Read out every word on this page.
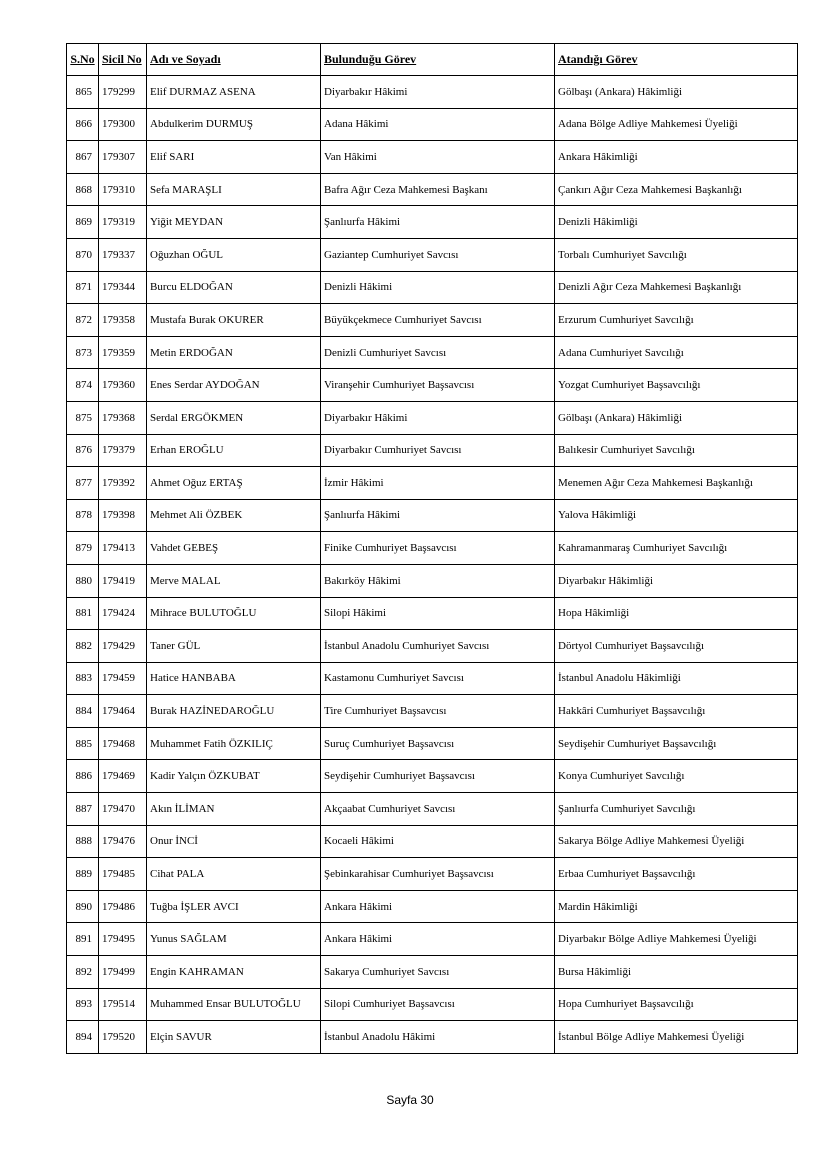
S.No	Sicil No	Adı ve Soyadı	Bulunduğu Görev	Atandığı Görev
865	179299	Elif DURMAZ ASENA	Diyarbakır Hâkimi	Gölbaşı (Ankara) Hâkimliği
866	179300	Abdulkerim DURMUŞ	Adana Hâkimi	Adana Bölge Adliye Mahkemesi Üyeliği
867	179307	Elif SARI	Van Hâkimi	Ankara Hâkimliği
868	179310	Sefa MARAŞLI	Bafra Ağır Ceza Mahkemesi Başkanı	Çankırı Ağır Ceza Mahkemesi Başkanlığı
869	179319	Yiğit MEYDAN	Şanlıurfa Hâkimi	Denizli Hâkimliği
870	179337	Oğuzhan OĞUL	Gaziantep Cumhuriyet Savcısı	Torbalı Cumhuriyet Savcılığı
871	179344	Burcu ELDOĞAN	Denizli Hâkimi	Denizli Ağır Ceza Mahkemesi Başkanlığı
872	179358	Mustafa Burak OKURER	Büyükçekmece Cumhuriyet Savcısı	Erzurum Cumhuriyet Savcılığı
873	179359	Metin ERDOĞAN	Denizli Cumhuriyet Savcısı	Adana Cumhuriyet Savcılığı
874	179360	Enes Serdar AYDOĞAN	Viranşehir Cumhuriyet Başsavcısı	Yozgat Cumhuriyet Başsavcılığı
875	179368	Serdal ERGÖKMEN	Diyarbakır Hâkimi	Gölbaşı (Ankara) Hâkimliği
876	179379	Erhan EROĞLU	Diyarbakır Cumhuriyet Savcısı	Balıkesir Cumhuriyet Savcılığı
877	179392	Ahmet Oğuz ERTAŞ	İzmir Hâkimi	Menemen Ağır Ceza Mahkemesi Başkanlığı
878	179398	Mehmet Ali ÖZBEK	Şanlıurfa Hâkimi	Yalova Hâkimliği
879	179413	Vahdet GEBEŞ	Finike Cumhuriyet Başsavcısı	Kahramanmaraş Cumhuriyet Savcılığı
880	179419	Merve MALAL	Bakırköy Hâkimi	Diyarbakır Hâkimliği
881	179424	Mihrace BULUTOĞLU	Silopi Hâkimi	Hopa Hâkimliği
882	179429	Taner GÜL	İstanbul Anadolu Cumhuriyet Savcısı	Dörtyol Cumhuriyet Başsavcılığı
883	179459	Hatice HANBABA	Kastamonu Cumhuriyet Savcısı	İstanbul Anadolu Hâkimliği
884	179464	Burak HAZİNEDAROĞLU	Tire Cumhuriyet Başsavcısı	Hakkâri Cumhuriyet Başsavcılığı
885	179468	Muhammet Fatih ÖZKILIÇ	Suruç Cumhuriyet Başsavcısı	Seydişehir Cumhuriyet Başsavcılığı
886	179469	Kadir Yalçın ÖZKUBAT	Seydişehir Cumhuriyet Başsavcısı	Konya Cumhuriyet Savcılığı
887	179470	Akın İLİMAN	Akçaabat Cumhuriyet Savcısı	Şanlıurfa Cumhuriyet Savcılığı
888	179476	Onur İNCİ	Kocaeli Hâkimi	Sakarya Bölge Adliye Mahkemesi Üyeliği
889	179485	Cihat PALA	Şebinkarahisar Cumhuriyet Başsavcısı	Erbaa Cumhuriyet Başsavcılığı
890	179486	Tuğba İŞLER AVCI	Ankara Hâkimi	Mardin Hâkimliği
891	179495	Yunus SAĞLAM	Ankara Hâkimi	Diyarbakır Bölge Adliye Mahkemesi Üyeliği
892	179499	Engin KAHRAMAN	Sakarya Cumhuriyet Savcısı	Bursa Hâkimliği
893	179514	Muhammed Ensar BULUTOĞLU	Silopi Cumhuriyet Başsavcısı	Hopa Cumhuriyet Başsavcılığı
894	179520	Elçin SAVUR	İstanbul Anadolu Hâkimi	İstanbul Bölge Adliye Mahkemesi Üyeliği
Sayfa 30
